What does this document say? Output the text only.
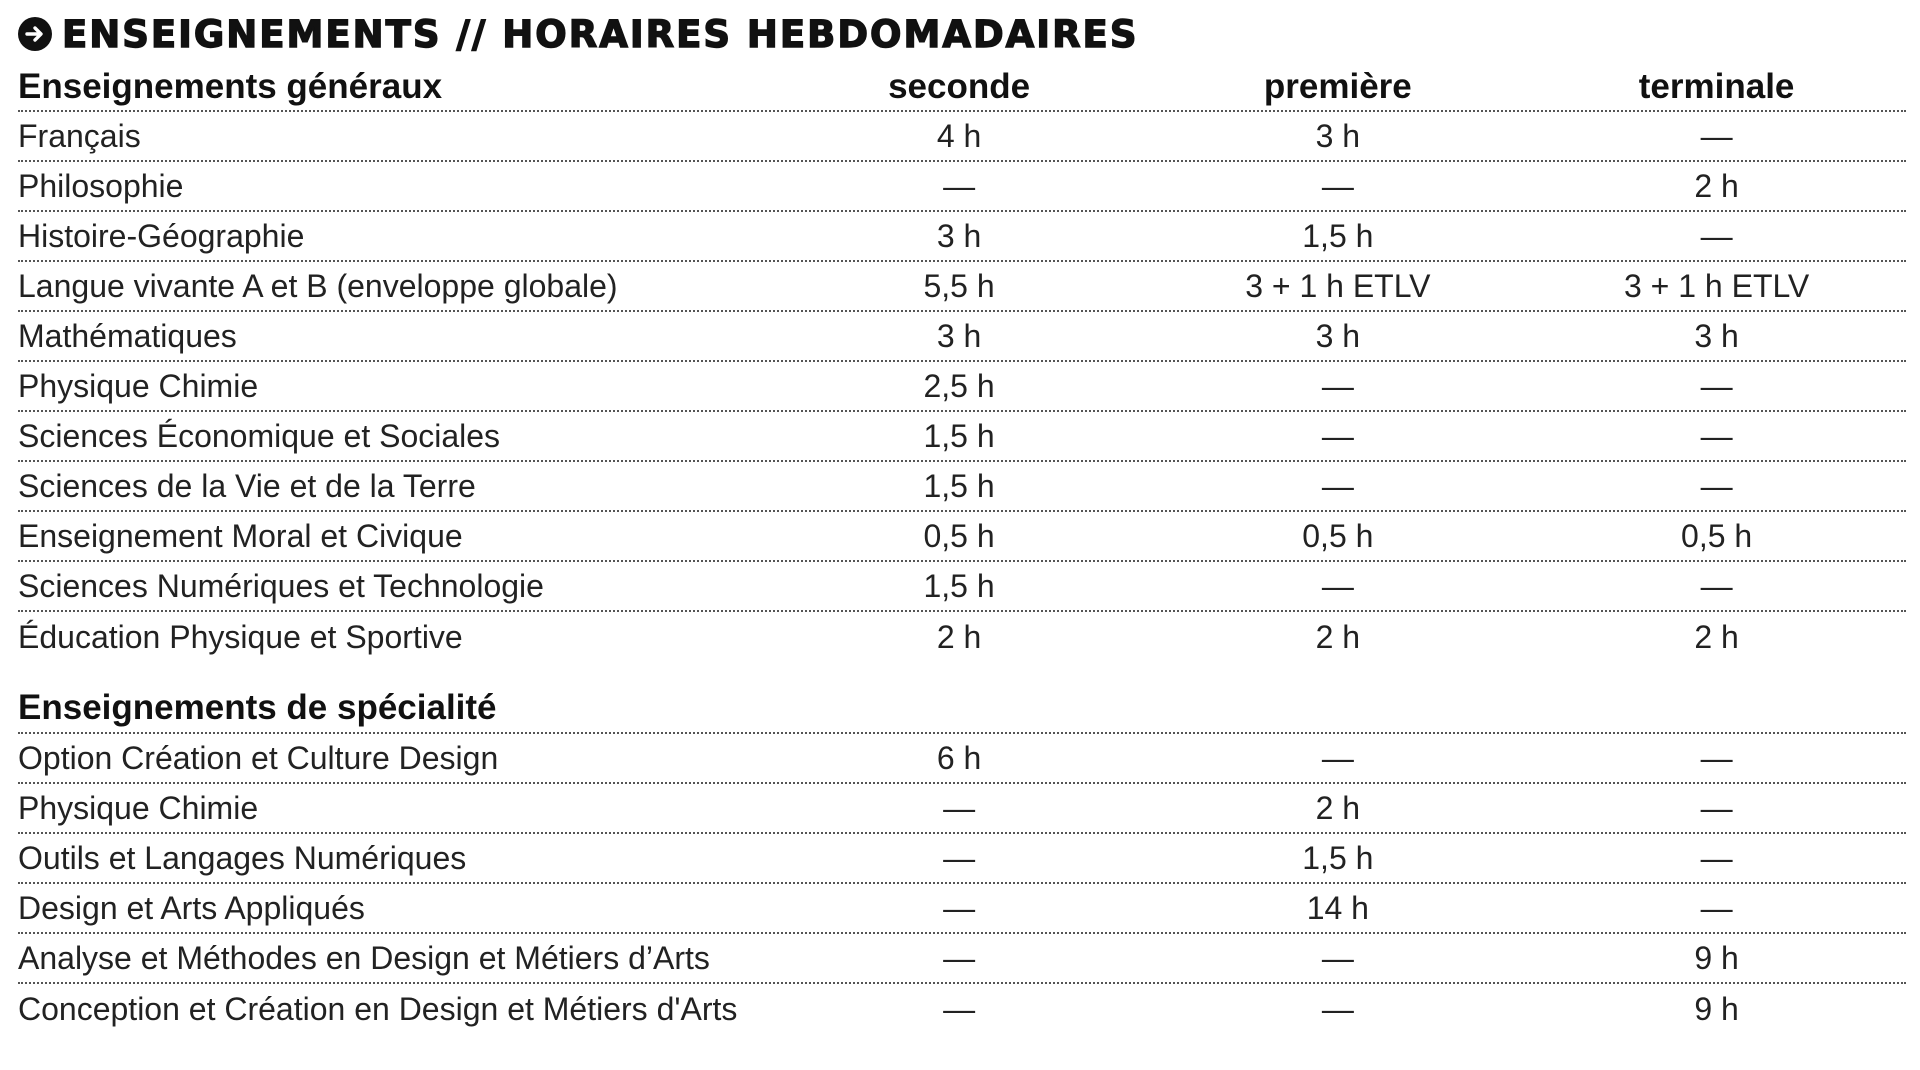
ENSEIGNEMENTS // HORAIRES HEBDOMADAIRES
Enseignements généraux	seconde	première	terminale
Français	4 h	3 h	—
Philosophie	—	—	2 h
Histoire-Géographie	3 h	1,5 h	—
Langue vivante A et B (enveloppe globale)	5,5 h	3 + 1 h ETLV	3 + 1 h ETLV
Mathématiques	3 h	3 h	3 h
Physique Chimie	2,5 h	—	—
Sciences Économique et Sociales	1,5 h	—	—
Sciences de la Vie et de la Terre	1,5 h	—	—
Enseignement Moral et Civique	0,5 h	0,5 h	0,5 h
Sciences Numériques et Technologie	1,5 h	—	—
Éducation Physique et Sportive	2 h	2 h	2 h
Enseignements de spécialité
Option Création et Culture Design	6 h	—	—
Physique Chimie	—	2 h	—
Outils et Langages Numériques	—	1,5 h	—
Design et Arts Appliqués	—	14 h	—
Analyse et Méthodes en Design et Métiers d’Arts	—	—	9 h
Conception et Création en Design et Métiers d'Arts	—	—	9 h
